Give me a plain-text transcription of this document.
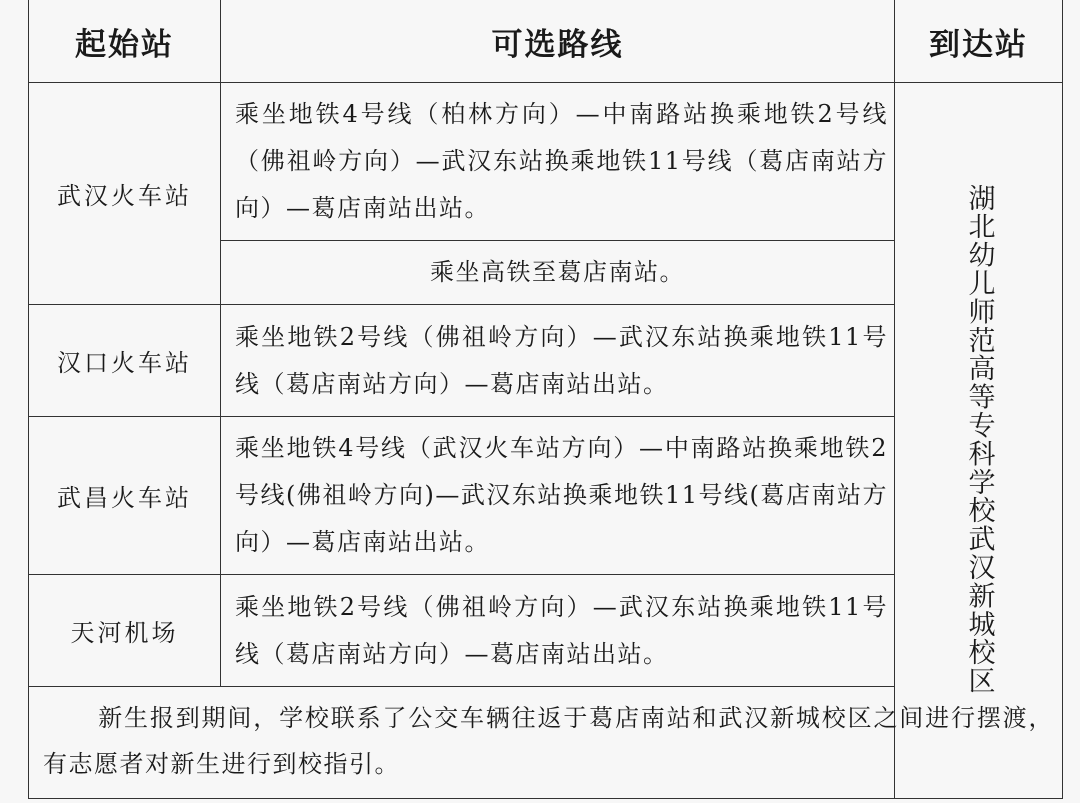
起始站	可选路线	到达站
武汉火车站	乘坐地铁4号线（柏林方向）—中南路站换乘地铁2号线（佛祖岭方向）—武汉东站换乘地铁11号线（葛店南站方向）—葛店南站出站。	湖北幼儿师范高等专科学校武汉新城校区
	乘坐高铁至葛店南站。	
汉口火车站	乘坐地铁2号线（佛祖岭方向）—武汉东站换乘地铁11号线（葛店南站方向）—葛店南站出站。	
武昌火车站	乘坐地铁4号线（武汉火车站方向）—中南路站换乘地铁2号线(佛祖岭方向)—武汉东站换乘地铁11号线(葛店南站方向）—葛店南站出站。	
天河机场	乘坐地铁2号线（佛祖岭方向）—武汉东站换乘地铁11号线（葛店南站方向）—葛店南站出站。	
新生报到期间，学校联系了公交车辆往返于葛店南站和武汉新城校区之间进行摆渡，有志愿者对新生进行到校指引。		
